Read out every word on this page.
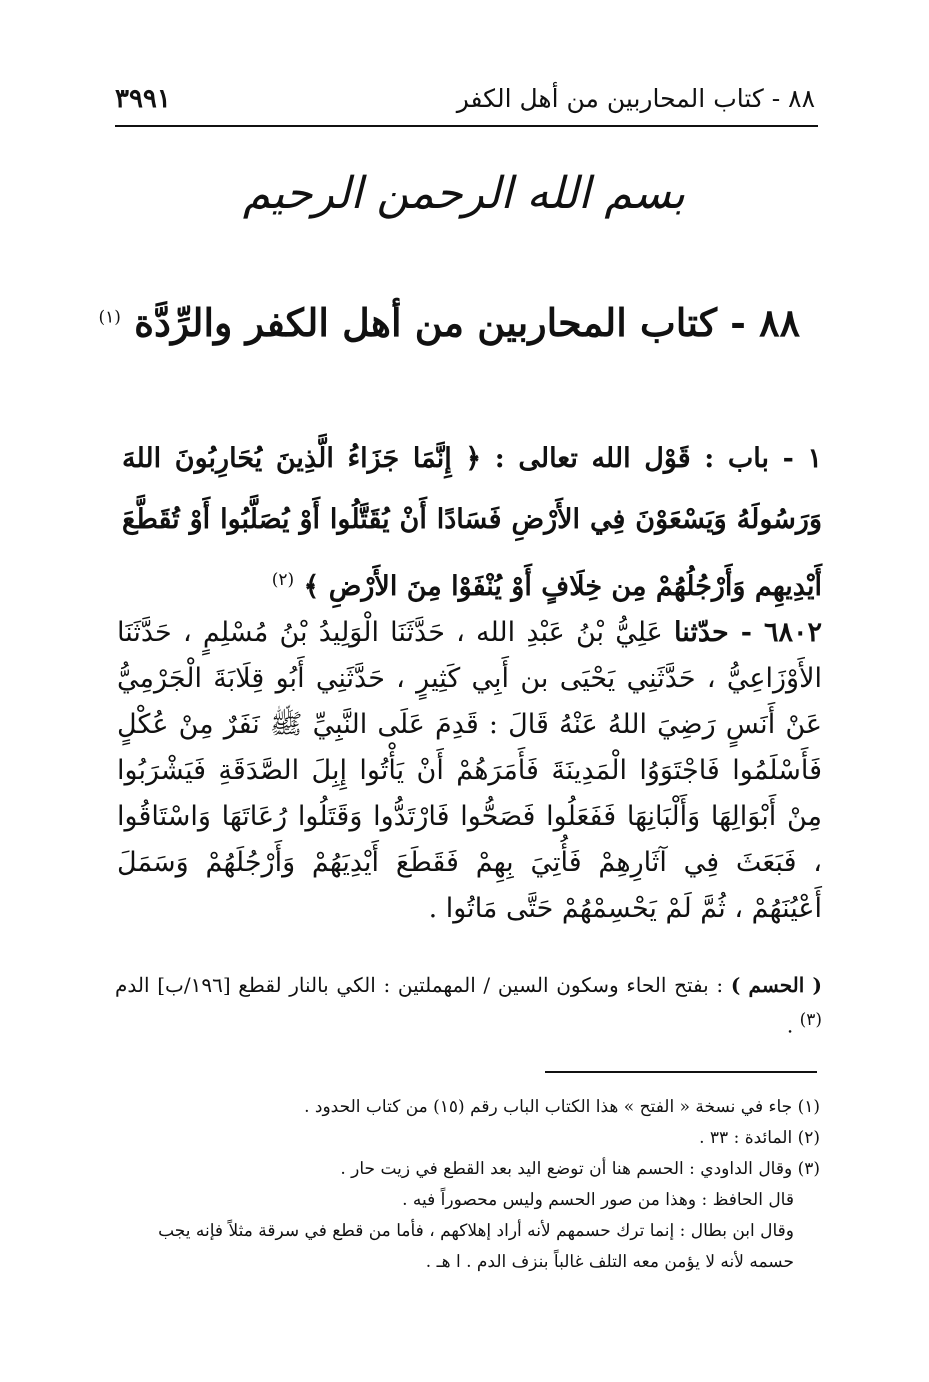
٨٨ - كتاب المحاربين من أهل الكفر
٣٩٩١
بسم الله الرحمن الرحيم
٨٨ - كتاب المحاربين من أهل الكفر والرِّدَّة $^{(١)}$
١ - باب : قَوْل الله تعالى : ﴿ إِنَّمَا جَزَاءُ الَّذِينَ يُحَارِبُونَ اللهَ وَرَسُولَهُ وَيَسْعَوْنَ فِي الأَرْضِ فَسَادًا أَنْ يُقَتَّلُوا أَوْ يُصَلَّبُوا أَوْ تُقَطَّعَ أَيْدِيهِم وَأَرْجُلُهُمْ مِن خِلَافٍ أَوْ يُنْفَوْا مِنَ الأَرْضِ ﴾ $^{(٢)}$
٦٨٠٢ - حدّثنا عَلِيُّ بْنُ عَبْدِ الله ، حَدَّثَنَا الْوَلِيدُ بْنُ مُسْلِمٍ ، حَدَّثَنَا الأَوْزَاعِيُّ ، حَدَّثَنِي يَحْيَى بن أَبِي كَثِيرٍ ، حَدَّثَنِي أَبُو قِلَابَةَ الْجَرْمِيُّ عَنْ أَنَسٍ رَضِيَ اللهُ عَنْهُ قَالَ : قَدِمَ عَلَى النَّبِيِّ ﷺ نَفَرٌ مِنْ عُكْلٍ فَأَسْلَمُوا فَاجْتَوَوُا الْمَدِينَةَ فَأَمَرَهُمْ أَنْ يَأْتُوا إِبِلَ الصَّدَقَةِ فَيَشْرَبُوا مِنْ أَبْوَالِهَا وَأَلْبَانِهَا فَفَعَلُوا فَصَحُّوا فَارْتَدُّوا وَقَتَلُوا رُعَاتَهَا وَاسْتَاقُوا ، فَبَعَثَ فِي آثَارِهِمْ فَأُتِيَ بِهِمْ فَقَطَعَ أَيْدِيَهُمْ وَأَرْجُلَهُمْ وَسَمَلَ أَعْيُنَهُمْ ، ثُمَّ لَمْ يَحْسِمْهُمْ حَتَّى مَاتُوا .
( الحسم ) : بفتح الحاء وسكون السين / المهملتين : الكي بالنار لقطع [١٩٦/ب] الدم $^{(٣)}$ .

(١) جاء في نسخة « الفتح » هذا الكتاب الباب رقم (١٥) من كتاب الحدود .

(٢) المائدة : ٣٣ .

(٣) وقال الداودي : الحسم هنا أن توضع اليد بعد القطع في زيت حار .

قال الحافظ : وهذا من صور الحسم وليس محصوراً فيه .

وقال ابن بطال : إنما ترك حسمهم لأنه أراد إهلاكهم ، فأما من قطع في سرقة مثلاً فإنه يجب حسمه لأنه لا يؤمن معه التلف غالباً بنزف الدم . ا هـ .
